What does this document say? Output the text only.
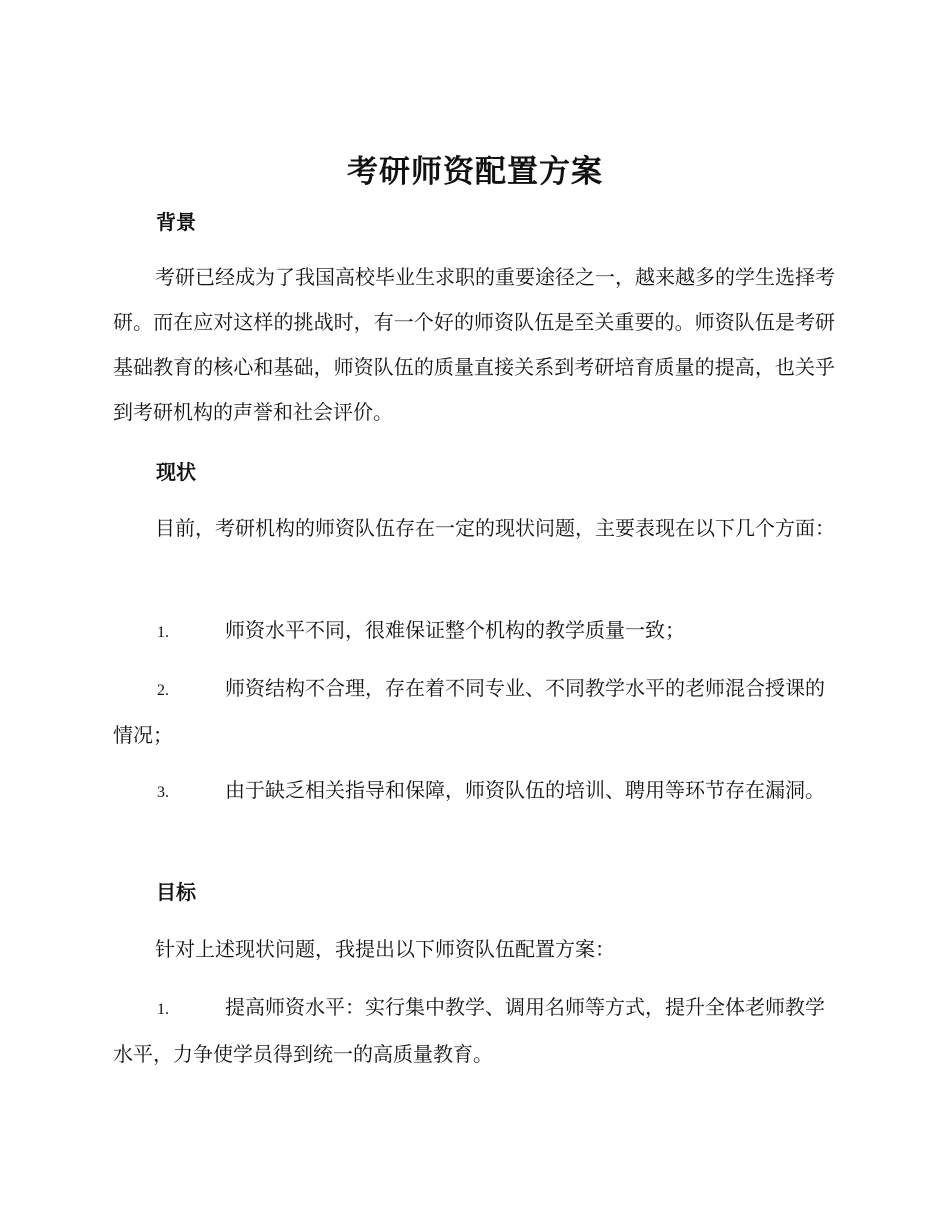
考研师资配置方案
背景
考研已经成为了我国高校毕业生求职的重要途径之一，越来越多的学生选择考研。而在应对这样的挑战时，有一个好的师资队伍是至关重要的。师资队伍是考研基础教育的核心和基础，师资队伍的质量直接关系到考研培育质量的提高，也关乎到考研机构的声誉和社会评价。
现状
目前，考研机构的师资队伍存在一定的现状问题，主要表现在以下几个方面：
1.	师资水平不同，很难保证整个机构的教学质量一致；
2.	师资结构不合理，存在着不同专业、不同教学水平的老师混合授课的情况；
3.	由于缺乏相关指导和保障，师资队伍的培训、聘用等环节存在漏洞。
目标
针对上述现状问题，我提出以下师资队伍配置方案：
1.	提高师资水平：实行集中教学、调用名师等方式，提升全体老师教学水平，力争使学员得到统一的高质量教育。
